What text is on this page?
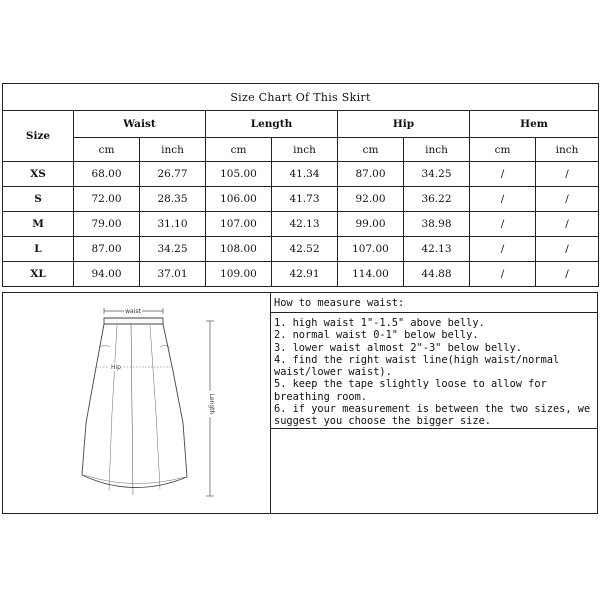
Size Chart Of This Skirt								
Size	Waist		Length		Hip		Hem	
	cm	inch	cm	inch	cm	inch	cm	inch
XS	68.00	26.77	105.00	41.34	87.00	34.25	/	/
S	72.00	28.35	106.00	41.73	92.00	36.22	/	/
M	79.00	31.10	107.00	42.13	99.00	38.98	/	/
L	87.00	34.25	108.00	42.52	107.00	42.13	/	/
XL	94.00	37.01	109.00	42.91	114.00	44.88	/	/
waist
Hip
Length
How to measure waist:
1. high waist 1"-1.5" above belly.
2. normal waist 0-1" below belly.
3. lower waist almost 2"-3" below belly.
4. find the right waist line(high waist/normal waist/lower waist).
5. keep the tape slightly loose to allow for breathing room.
6. if your measurement is between the two sizes, we suggest you choose the bigger size.
